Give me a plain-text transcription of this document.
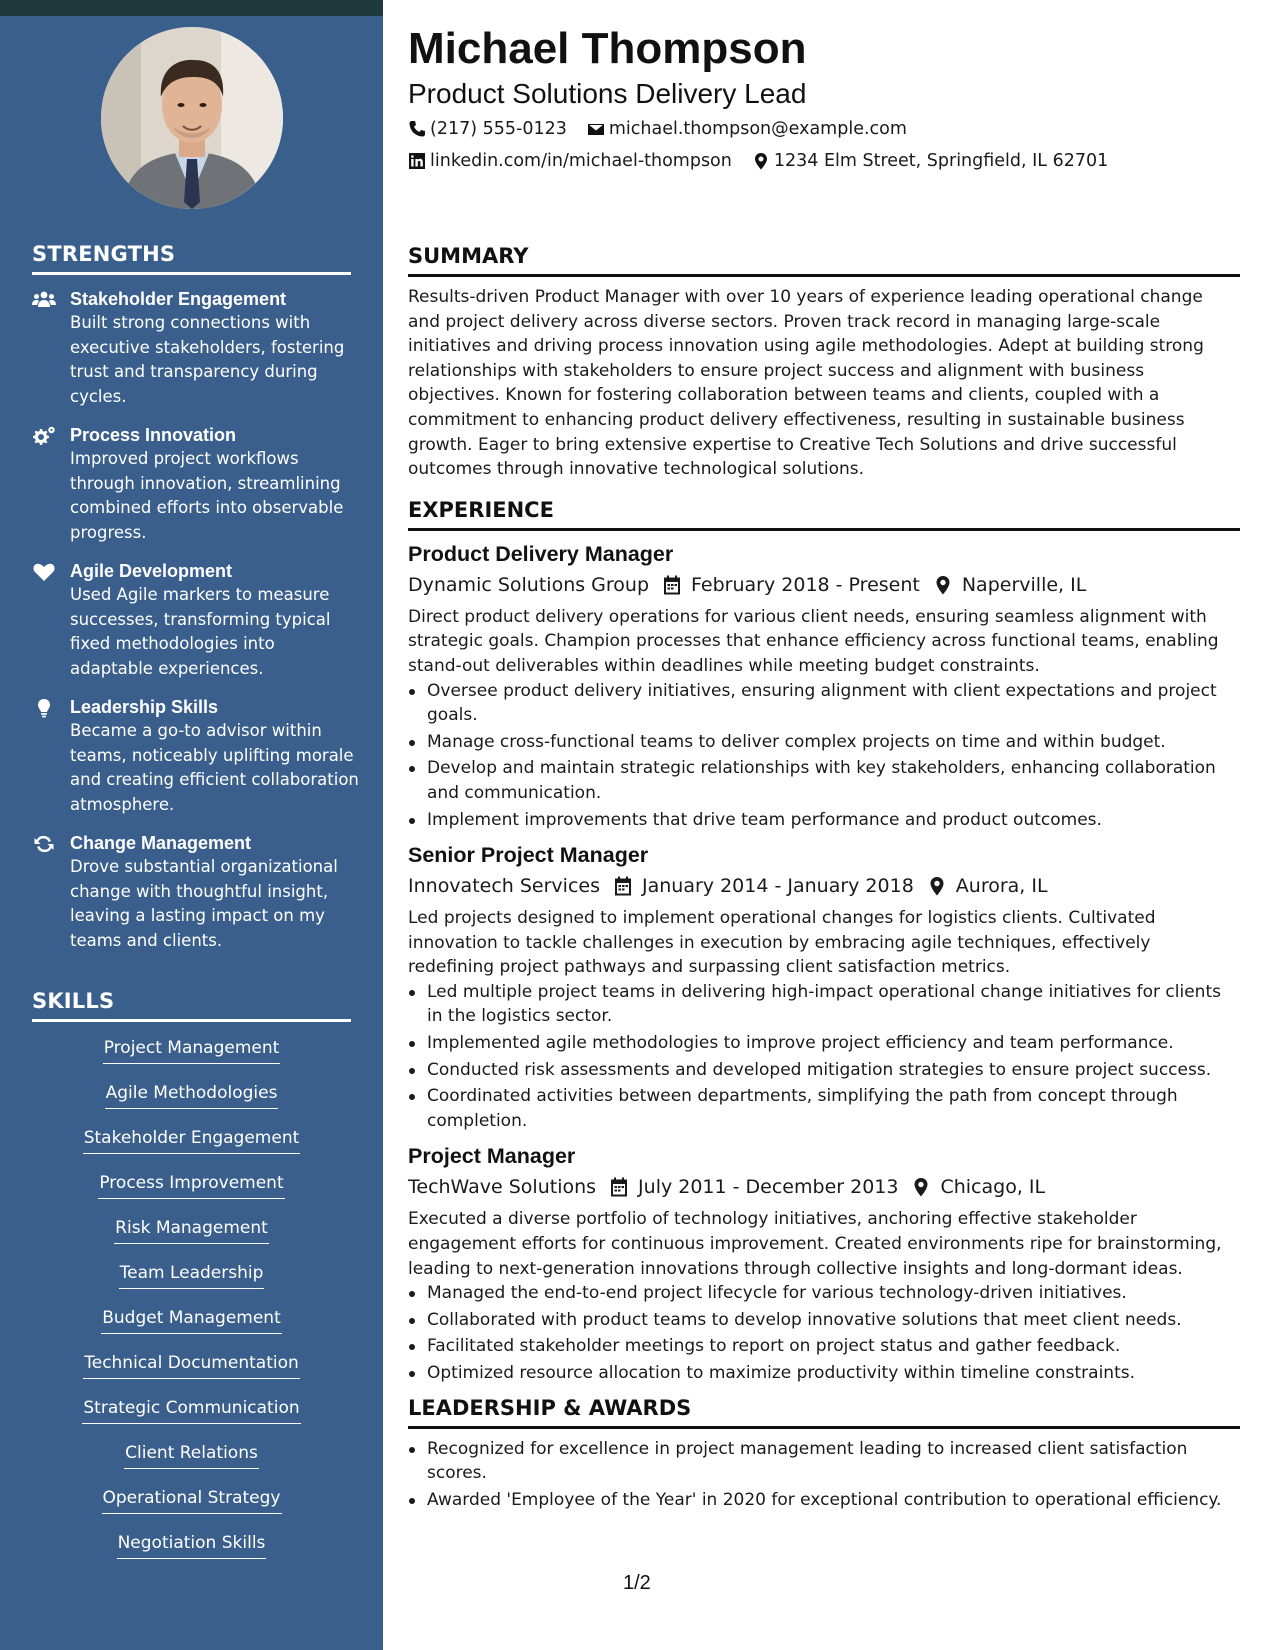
STRENGTHS
Stakeholder Engagement
Built strong connections with executive stakeholders, fostering trust and transparency during cycles.
Process Innovation
Improved project workflows through innovation, streamlining combined efforts into observable progress.
Agile Development
Used Agile markers to measure successes, transforming typical fixed methodologies into adaptable experiences.
Leadership Skills
Became a go-to advisor within teams, noticeably uplifting morale and creating efficient collaboration atmosphere.
Change Management
Drove substantial organizational change with thoughtful insight, leaving a lasting impact on my teams and clients.
SKILLS
Project Management
Agile Methodologies
Stakeholder Engagement
Process Improvement
Risk Management
Team Leadership
Budget Management
Technical Documentation
Strategic Communication
Client Relations
Operational Strategy
Negotiation Skills
Michael Thompson
Product Solutions Delivery Lead
(217) 555-0123 michael.thompson@example.com
linkedin.com/in/michael-thompson 1234 Elm Street, Springfield, IL 62701
SUMMARY

Results-driven Product Manager with over 10 years of experience leading operational change and project delivery across diverse sectors. Proven track record in managing large-scale initiatives and driving process innovation using agile methodologies. Adept at building strong relationships with stakeholders to ensure project success and alignment with business objectives. Known for fostering collaboration between teams and clients, coupled with a commitment to enhancing product delivery effectiveness, resulting in sustainable business growth. Eager to bring extensive expertise to Creative Tech Solutions and drive successful outcomes through innovative technological solutions.

EXPERIENCE
Product Delivery Manager
Dynamic Solutions Group February 2018 - Present Naperville, IL

Direct product delivery operations for various client needs, ensuring seamless alignment with strategic goals. Champion processes that enhance efficiency across functional teams, enabling stand-out deliverables within deadlines while meeting budget constraints.

Oversee product delivery initiatives, ensuring alignment with client expectations and project goals.
Manage cross-functional teams to deliver complex projects on time and within budget.
Develop and maintain strategic relationships with key stakeholders, enhancing collaboration and communication.
Implement improvements that drive team performance and product outcomes.
Senior Project Manager
Innovatech Services January 2014 - January 2018 Aurora, IL

Led projects designed to implement operational changes for logistics clients. Cultivated innovation to tackle challenges in execution by embracing agile techniques, effectively redefining project pathways and surpassing client satisfaction metrics.

Led multiple project teams in delivering high-impact operational change initiatives for clients in the logistics sector.
Implemented agile methodologies to improve project efficiency and team performance.
Conducted risk assessments and developed mitigation strategies to ensure project success.
Coordinated activities between departments, simplifying the path from concept through completion.
Project Manager
TechWave Solutions July 2011 - December 2013 Chicago, IL

Executed a diverse portfolio of technology initiatives, anchoring effective stakeholder engagement efforts for continuous improvement. Created environments ripe for brainstorming, leading to next-generation innovations through collective insights and long-dormant ideas.

Managed the end-to-end project lifecycle for various technology-driven initiatives.
Collaborated with product teams to develop innovative solutions that meet client needs.
Facilitated stakeholder meetings to report on project status and gather feedback.
Optimized resource allocation to maximize productivity within timeline constraints.
LEADERSHIP & AWARDS
Recognized for excellence in project management leading to increased client satisfaction scores.
Awarded 'Employee of the Year' in 2020 for exceptional contribution to operational efficiency.
1/2
